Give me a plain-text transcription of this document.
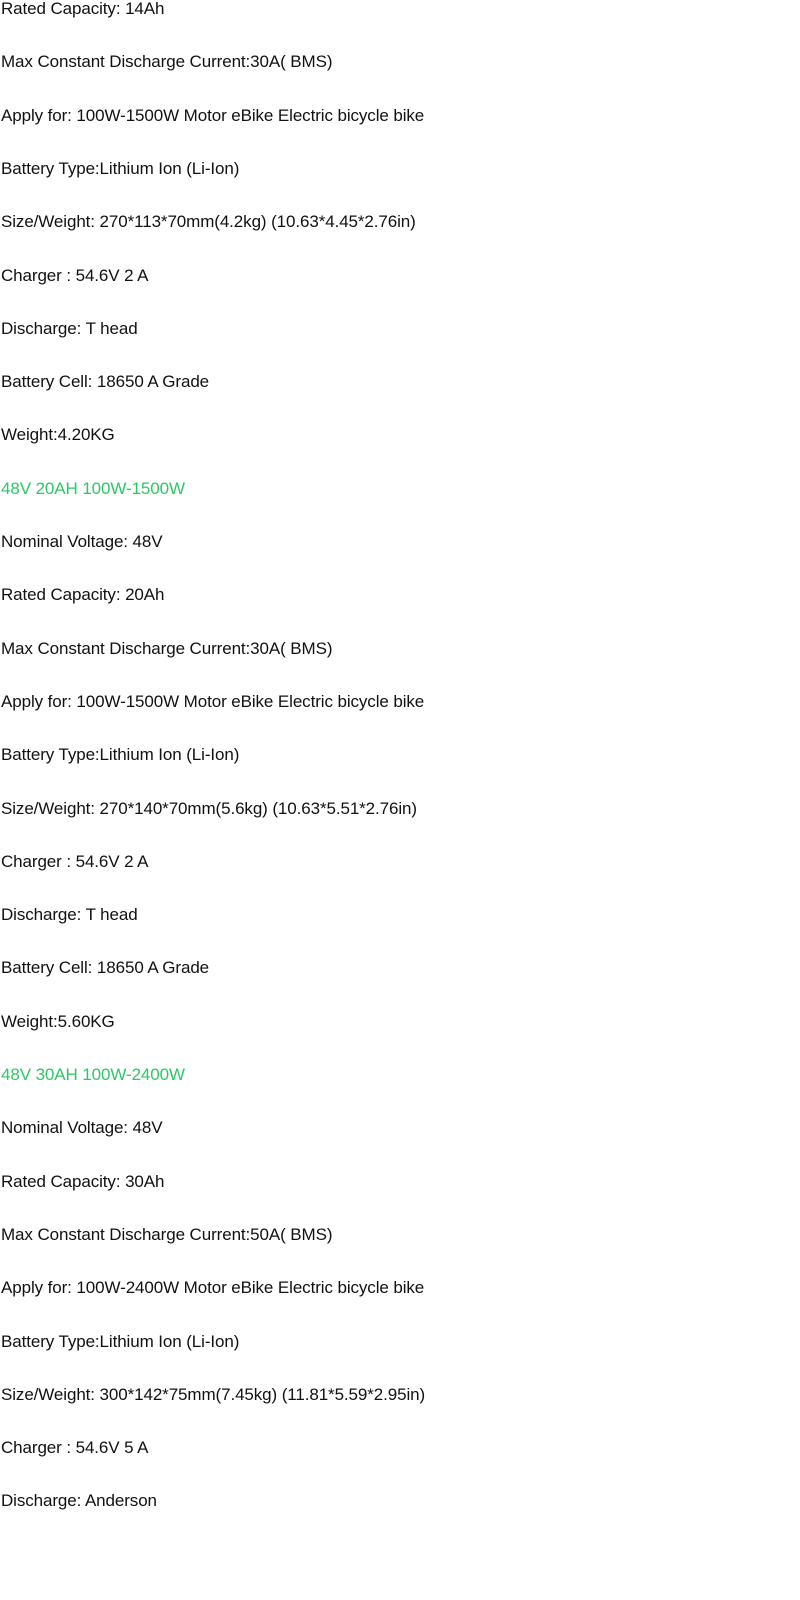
Rated Capacity: 14Ah
Max Constant Discharge Current:30A( BMS)
Apply for: 100W-1500W Motor eBike Electric bicycle bike
Battery Type:Lithium Ion (Li-Ion)
Size/Weight: 270*113*70mm(4.2kg) (10.63*4.45*2.76in)
Charger : 54.6V 2 A
Discharge: T head
Battery Cell: 18650 A Grade
Weight:4.20KG
48V 20AH 100W-1500W
Nominal Voltage: 48V
Rated Capacity: 20Ah
Max Constant Discharge Current:30A( BMS)
Apply for: 100W-1500W Motor eBike Electric bicycle bike
Battery Type:Lithium Ion (Li-Ion)
Size/Weight: 270*140*70mm(5.6kg) (10.63*5.51*2.76in)
Charger : 54.6V 2 A
Discharge: T head
Battery Cell: 18650 A Grade
Weight:5.60KG
48V 30AH 100W-2400W
Nominal Voltage: 48V
Rated Capacity: 30Ah
Max Constant Discharge Current:50A( BMS)
Apply for: 100W-2400W Motor eBike Electric bicycle bike
Battery Type:Lithium Ion (Li-Ion)
Size/Weight: 300*142*75mm(7.45kg) (11.81*5.59*2.95in)
Charger : 54.6V 5 A
Discharge: Anderson
